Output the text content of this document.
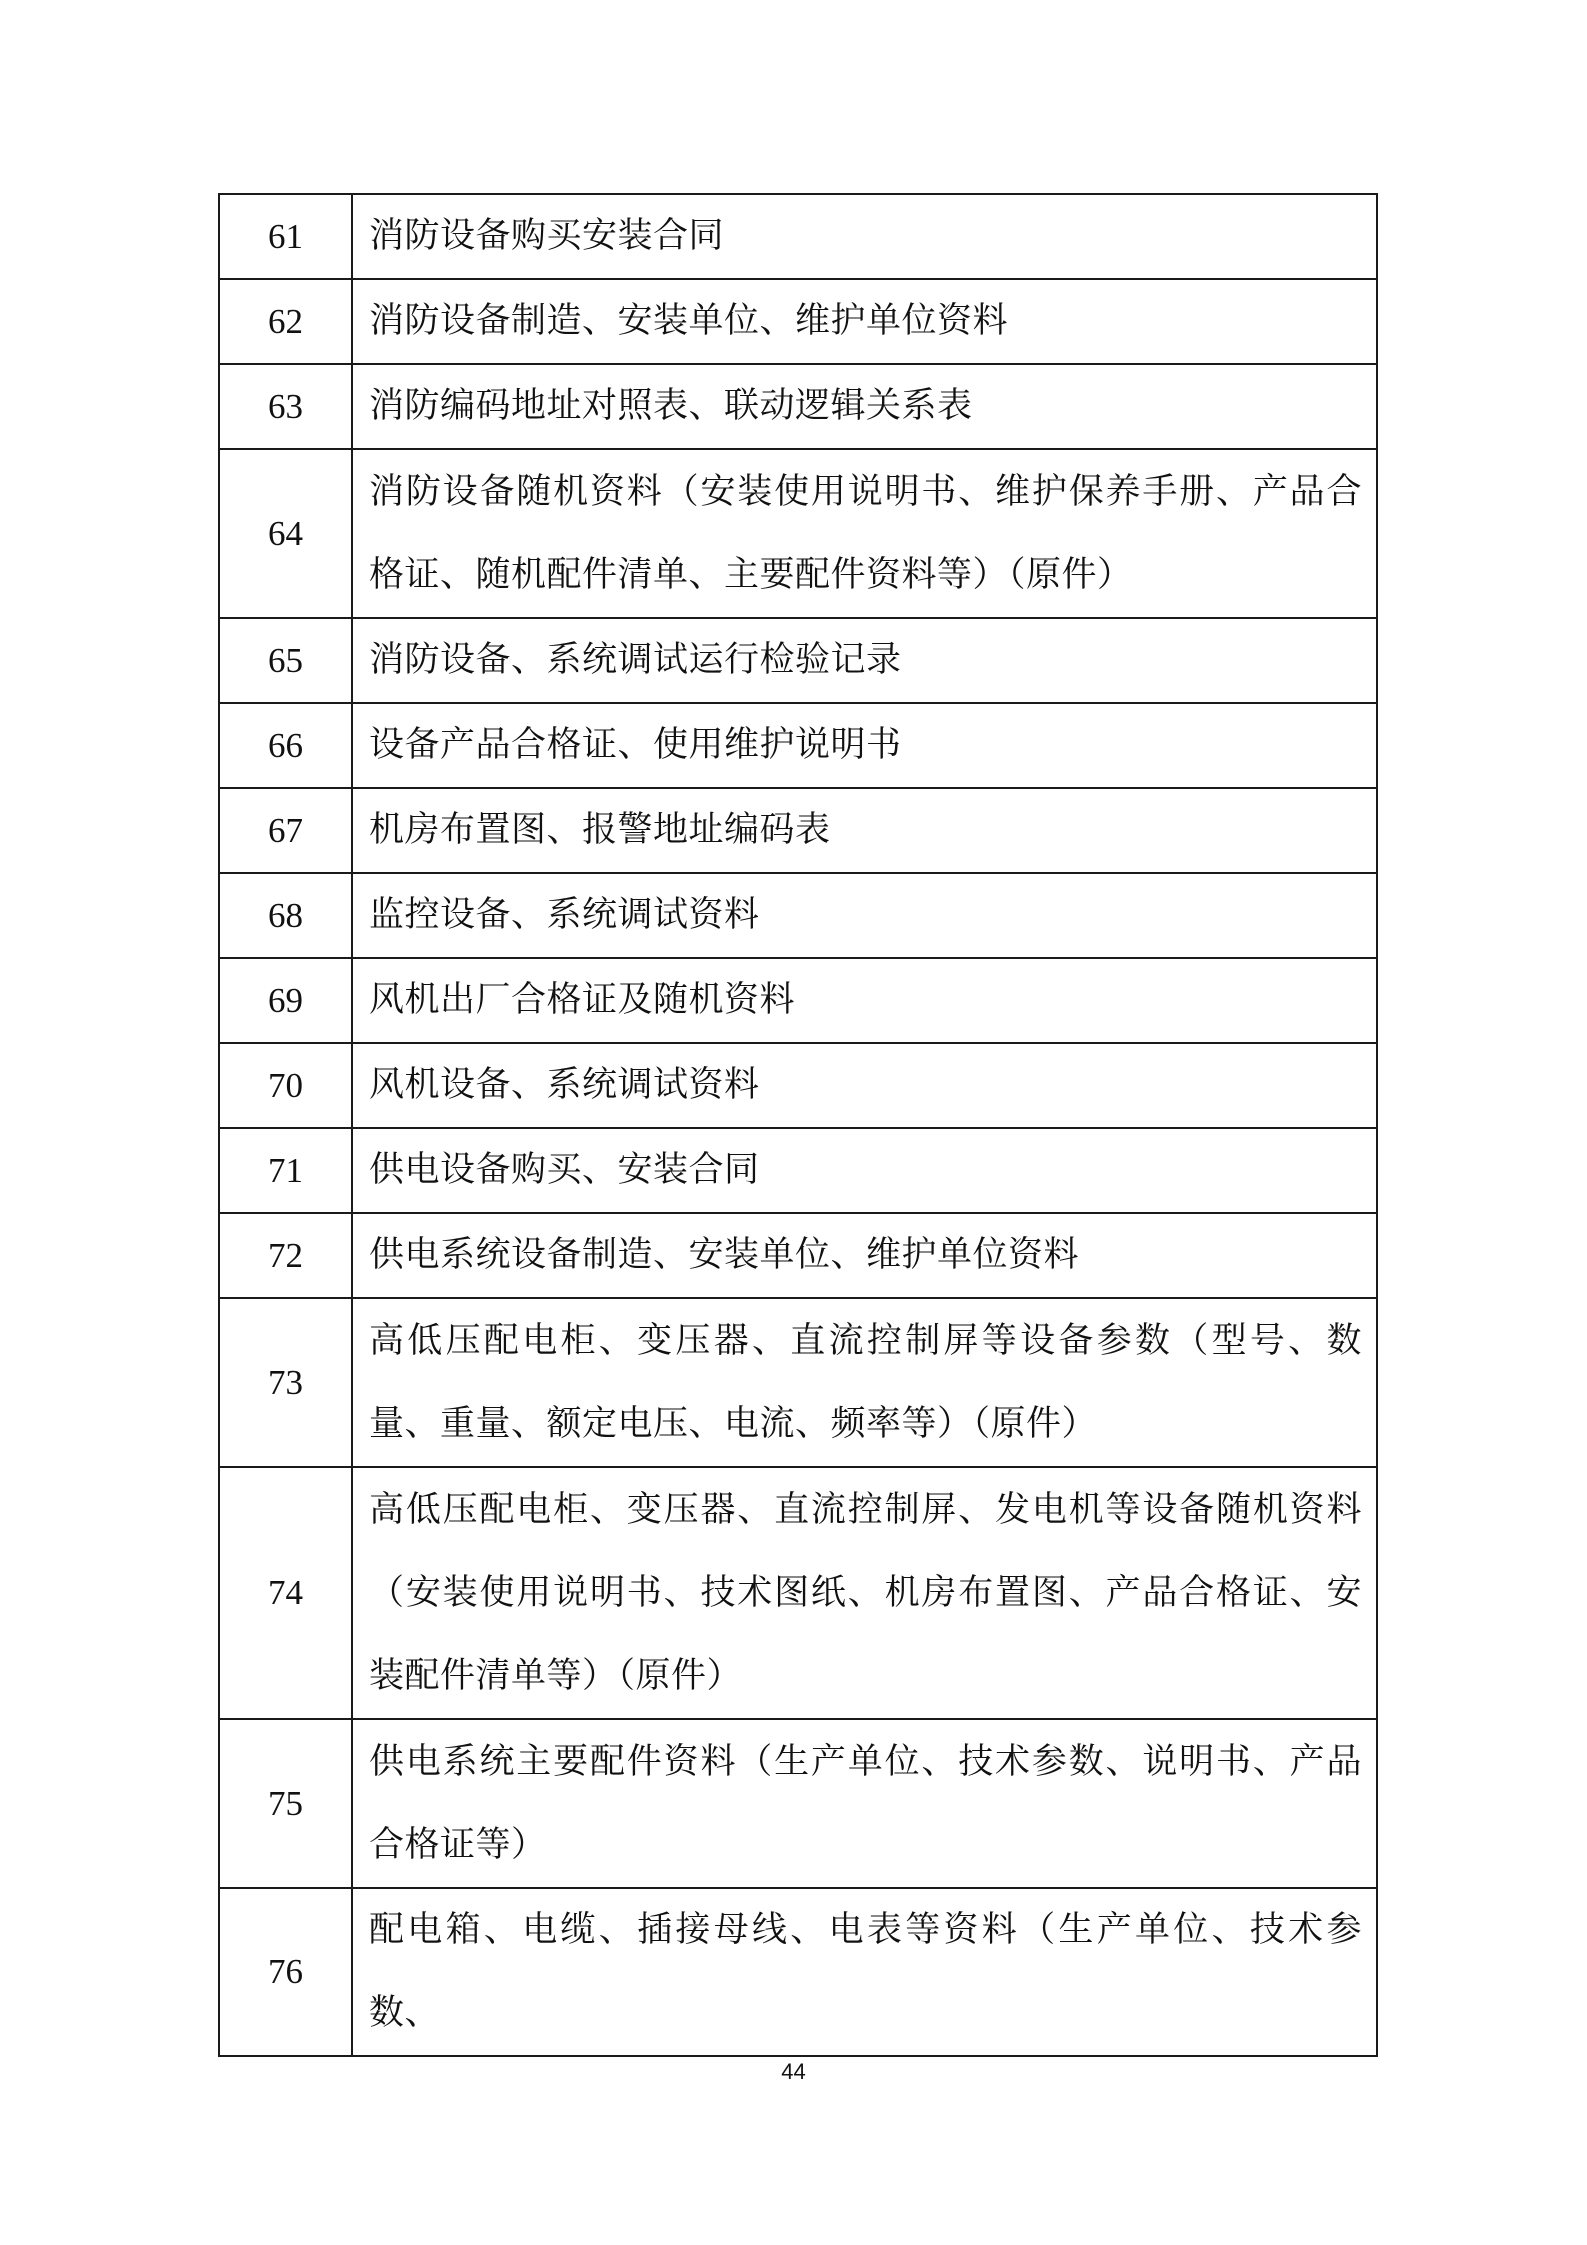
61	消防设备购买安装合同
62	消防设备制造、安装单位、维护单位资料
63	消防编码地址对照表、联动逻辑关系表
64	消防设备随机资料（安装使用说明书、维护保养手册、产品合格证、随机配件清单、主要配件资料等）（原件）
65	消防设备、系统调试运行检验记录
66	设备产品合格证、使用维护说明书
67	机房布置图、报警地址编码表
68	监控设备、系统调试资料
69	风机出厂合格证及随机资料
70	风机设备、系统调试资料
71	供电设备购买、安装合同
72	供电系统设备制造、安装单位、维护单位资料
73	高低压配电柜、变压器、直流控制屏等设备参数（型号、数量、重量、额定电压、电流、频率等）（原件）
74	高低压配电柜、变压器、直流控制屏、发电机等设备随机资料（安装使用说明书、技术图纸、机房布置图、产品合格证、安装配件清单等）（原件）
75	供电系统主要配件资料（生产单位、技术参数、说明书、产品合格证等）
76	配电箱、电缆、插接母线、电表等资料（生产单位、技术参数、
44
